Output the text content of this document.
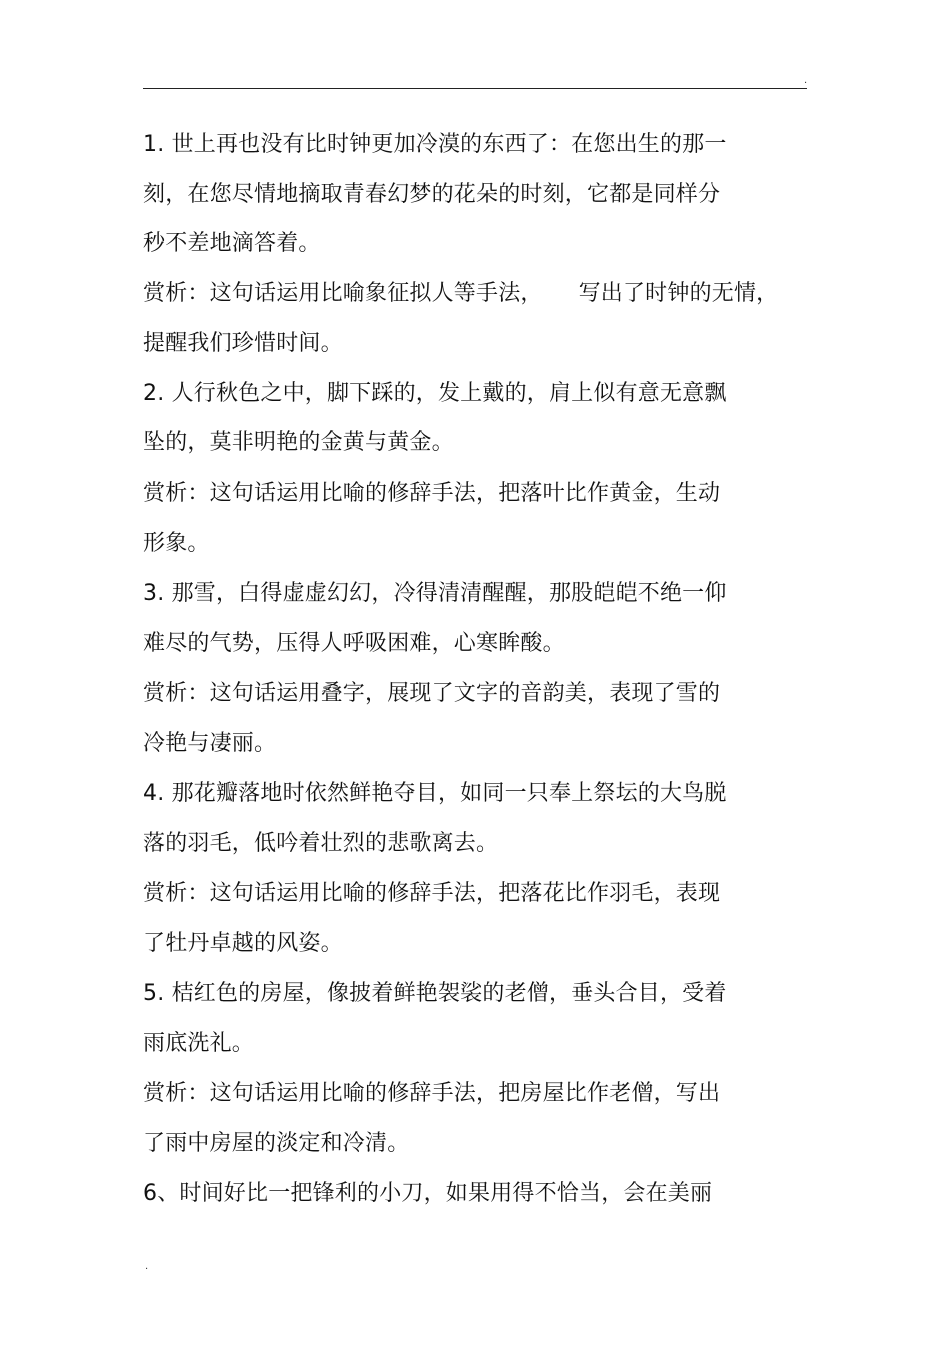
.
1. 世上再也没有比时钟更加冷漠的东西了：在您出生的那一
刻，在您尽情地摘取青春幻梦的花朵的时刻，它都是同样分
秒不差地滴答着。
赏析：这句话运用比喻象征拟人等手法，     写出了时钟的无情，
提醒我们珍惜时间。
2. 人行秋色之中，脚下踩的，发上戴的，肩上似有意无意飘
坠的，莫非明艳的金黄与黄金。
赏析：这句话运用比喻的修辞手法，把落叶比作黄金，生动
形象。
3. 那雪，白得虚虚幻幻，冷得清清醒醒，那股皑皑不绝一仰
难尽的气势，压得人呼吸困难，心寒眸酸。
赏析：这句话运用叠字，展现了文字的音韵美，表现了雪的
冷艳与凄丽。
4. 那花瓣落地时依然鲜艳夺目，如同一只奉上祭坛的大鸟脱
落的羽毛，低吟着壮烈的悲歌离去。
赏析：这句话运用比喻的修辞手法，把落花比作羽毛，表现
了牡丹卓越的风姿。
5. 桔红色的房屋，像披着鲜艳袈裟的老僧，垂头合目，受着
雨底洗礼。
赏析：这句话运用比喻的修辞手法，把房屋比作老僧，写出
了雨中房屋的淡定和冷清。
6、时间好比一把锋利的小刀，如果用得不恰当，会在美丽
.
